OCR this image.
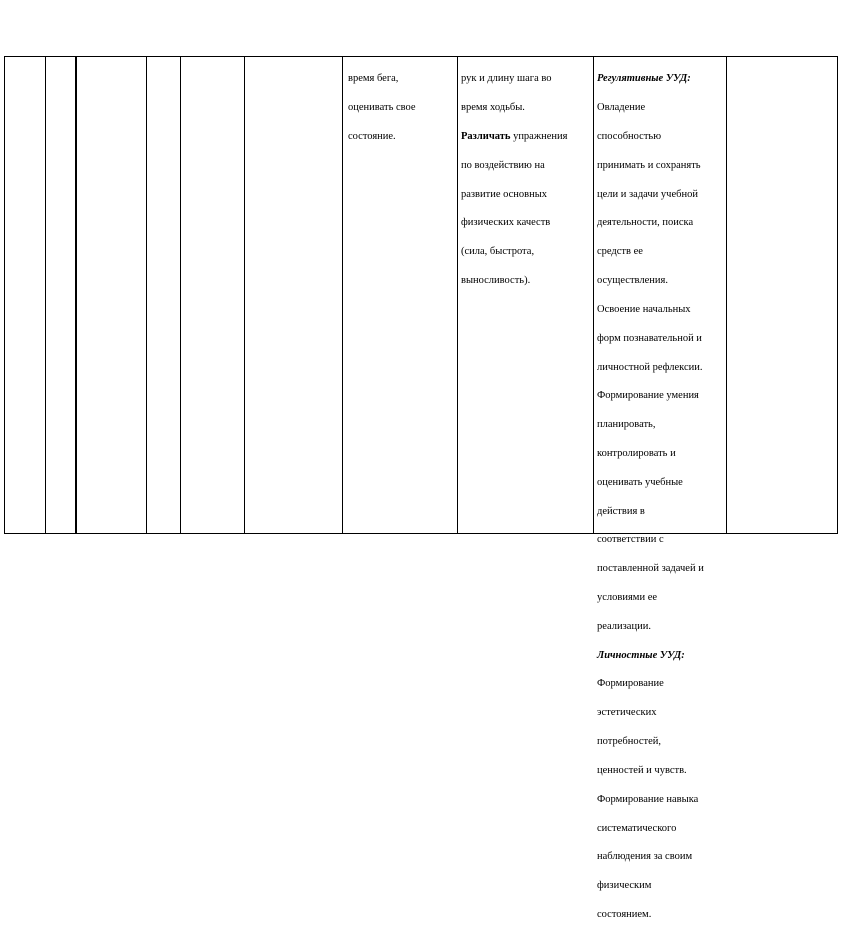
время бега,

оценивать свое

состояние.

рук и длину шага во

время ходьбы.

Различать упражнения

по воздействию на

развитие основных

физических качеств

(сила, быстрота,

выносливость).

Регулятивные УУД:

Овладение

способностью

принимать и сохранять

цели и задачи учебной

деятельности, поиска

средств ее

осуществления.

Освоение начальных

форм познавательной и

личностной рефлексии.

Формирование умения

планировать,

контролировать и

оценивать учебные

действия в

соответствии с

поставленной задачей и

условиями ее

реализации.

Личностные УУД:

Формирование

эстетических

потребностей,

ценностей и чувств.

Формирование навыка

систематического

наблюдения за своим

физическим

состоянием.
